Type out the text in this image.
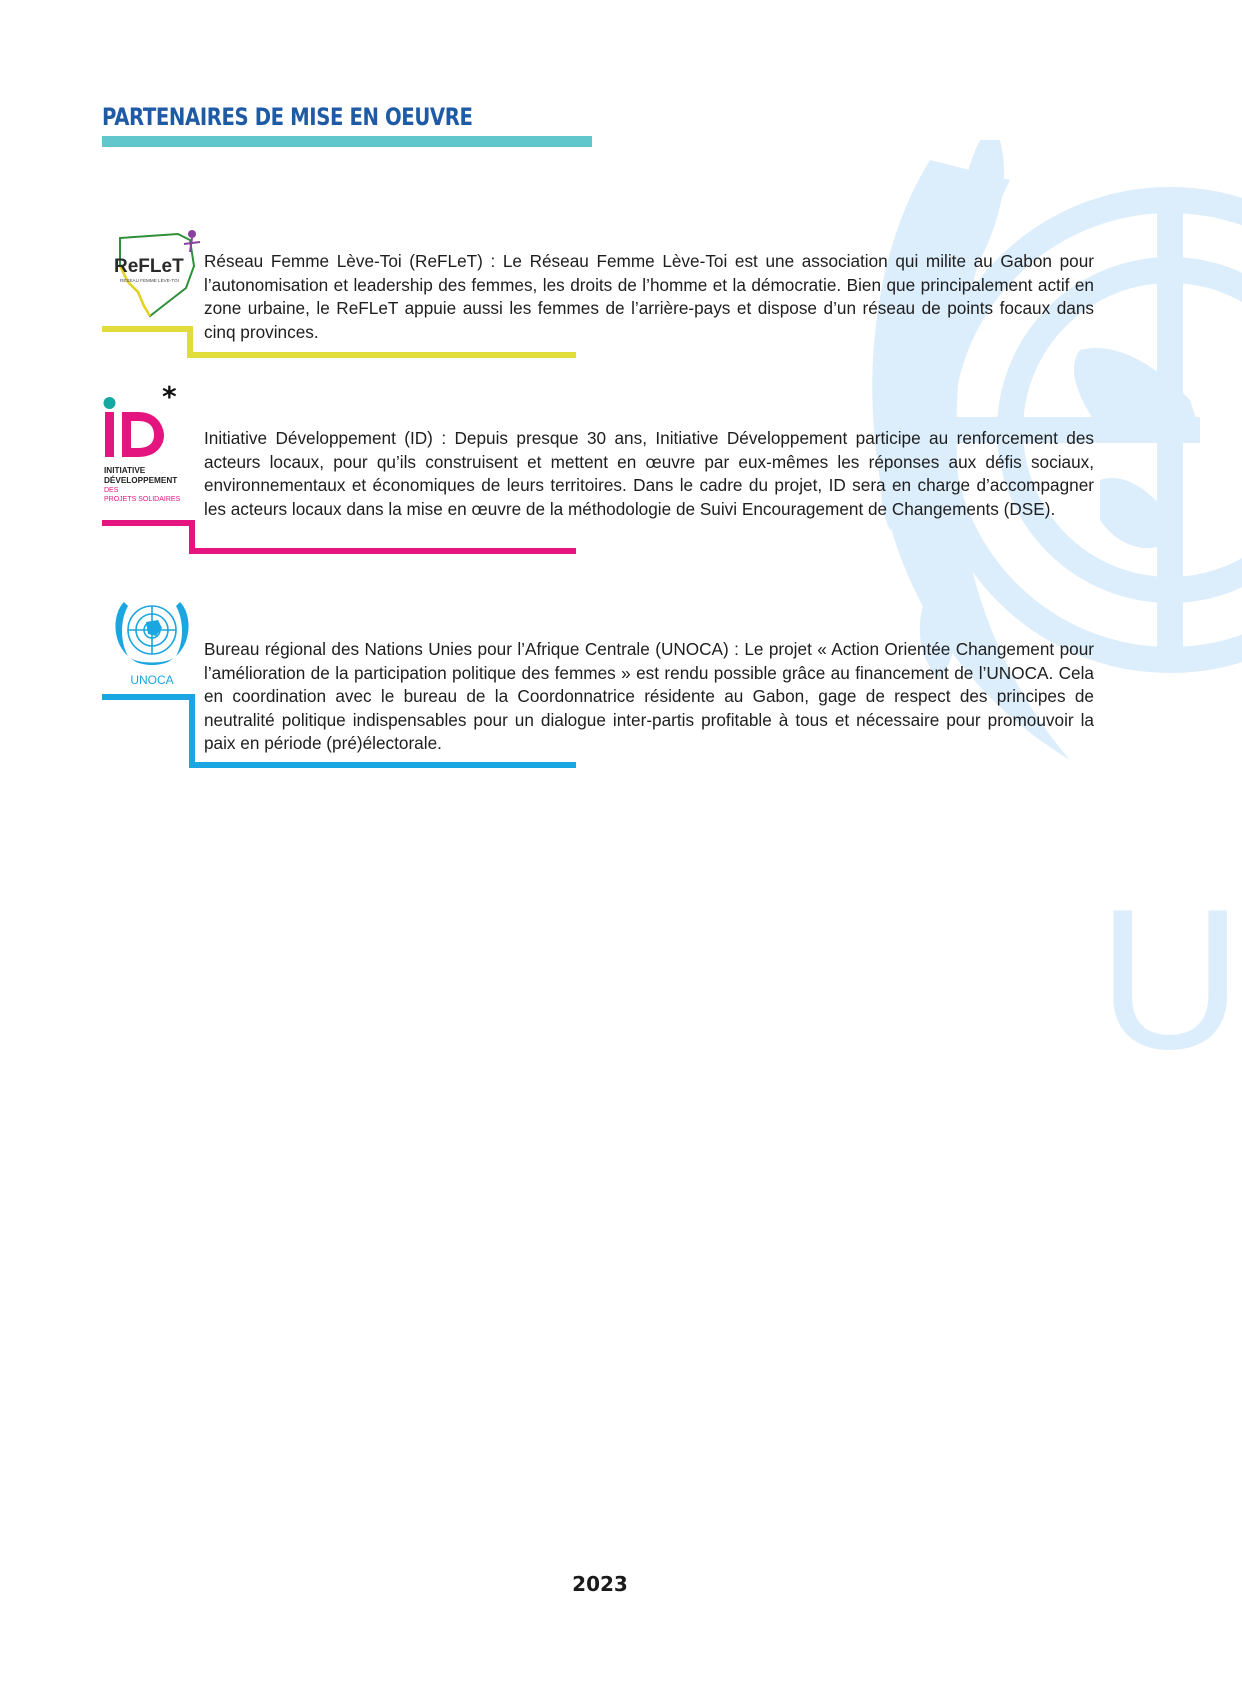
U
PARTENAIRES DE MISE EN OEUVRE
ReFLeT
RÉSEAU FEMME LÈVE-TOI
Réseau Femme Lève-Toi (ReFLeT) : Le Réseau Femme Lève-Toi est une association qui milite au Gabon pour l’autonomisation et leadership des femmes, les droits de l’homme et la démocratie. Bien que principalement actif en zone urbaine, le ReFLeT appuie aussi les femmes de l’arrière-pays et dispose d’un réseau de points focaux dans cinq provinces.
*
INITIATIVE
DÉVELOPPEMENT
DES
PROJETS SOLIDAIRES
Initiative Développement (ID) : Depuis presque 30 ans, Initiative Développement participe au renforcement des acteurs locaux, pour qu’ils construisent et mettent en œuvre par eux-mêmes les réponses aux défis sociaux, environnementaux et économiques de leurs territoires. Dans le cadre du projet, ID sera en charge d’accompagner les acteurs locaux dans la mise en œuvre de la méthodologie de Suivi Encouragement de Changements (DSE).
UNOCA
Bureau régional des Nations Unies pour l’Afrique Centrale (UNOCA) : Le projet « Action Orientée Changement pour l’amélioration de la participation politique des femmes » est rendu possible grâce au financement de l’UNOCA. Cela en coordination avec le bureau de la Coordonnatrice résidente au Gabon, gage de respect des principes de neutralité politique indispensables pour un dialogue inter-partis profitable à tous et nécessaire pour promouvoir la paix en période (pré)électorale.
2023
